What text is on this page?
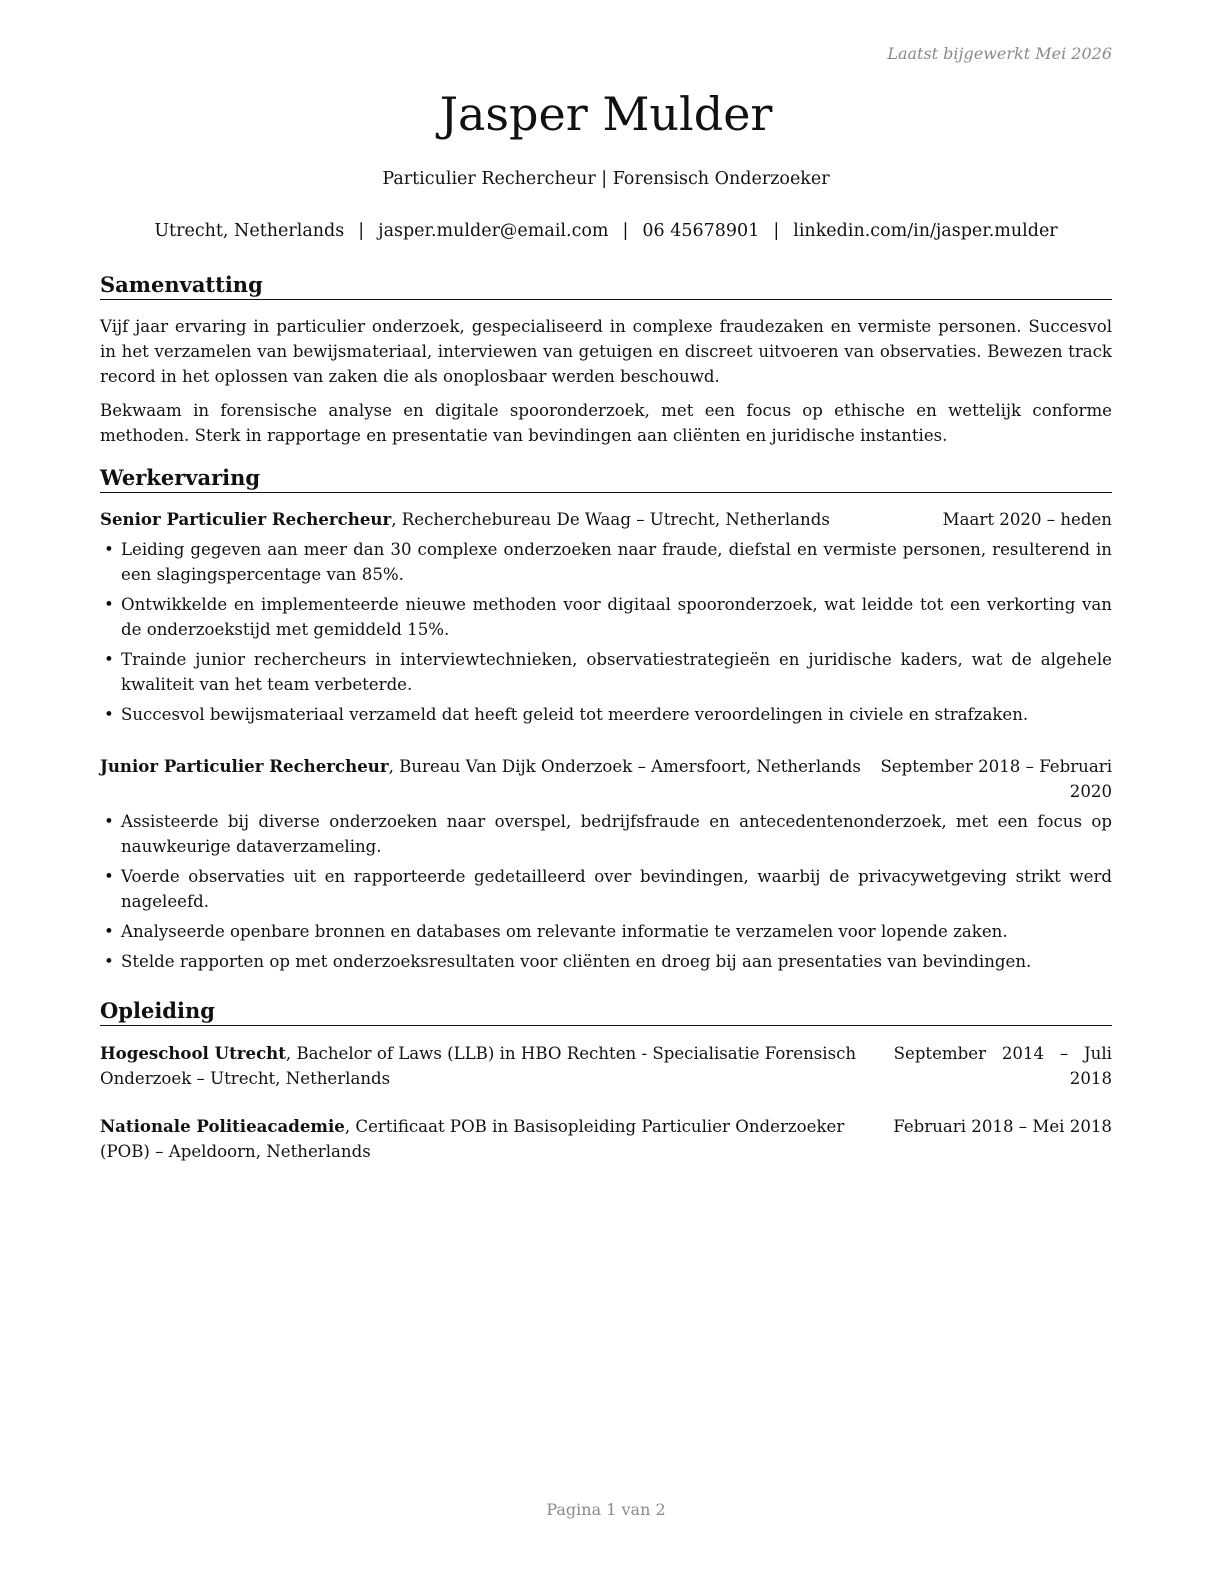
Laatst bijgewerkt Mei 2026
Jasper Mulder
Particulier Rechercheur | Forensisch Onderzoeker
Utrecht, Netherlands | jasper.mulder@email.com | 06 45678901 | linkedin.com/in/jasper.mulder
Samenvatting
Vijf jaar ervaring in particulier onderzoek, gespecialiseerd in complexe fraudezaken en vermiste personen. Succesvol in het verzamelen van bewijsmateriaal, interviewen van getuigen en discreet uitvoeren van observaties. Bewezen track record in het oplossen van zaken die als onoplosbaar werden beschouwd.
Bekwaam in forensische analyse en digitale spooronderzoek, met een focus op ethische en wettelijk conforme methoden. Sterk in rapportage en presentatie van bevindingen aan cliënten en juridische instanties.
Werkervaring
Senior Particulier Rechercheur, Recherchebureau De Waag – Utrecht, Netherlands	Maart 2020 – heden
• Leiding gegeven aan meer dan 30 complexe onderzoeken naar fraude, diefstal en vermiste personen, resulterend in een slagingspercentage van 85%.
• Ontwikkelde en implementeerde nieuwe methoden voor digitaal spooronderzoek, wat leidde tot een verkorting van de onderzoekstijd met gemiddeld 15%.
• Trainde junior rechercheurs in interviewtechnieken, observatiestrategieën en juridische kaders, wat de algehele kwaliteit van het team verbeterde.
• Succesvol bewijsmateriaal verzameld dat heeft geleid tot meerdere veroordelingen in civiele en strafzaken.
Junior Particulier Rechercheur, Bureau Van Dijk Onderzoek – Amersfoort, Netherlands September 2018 – Februari
2020
• Assisteerde bij diverse onderzoeken naar overspel, bedrijfsfraude en antecedentenonderzoek, met een focus op nauwkeurige dataverzameling.
• Voerde observaties uit en rapporteerde gedetailleerd over bevindingen, waarbij de privacywetgeving strikt werd nageleefd.
• Analyseerde openbare bronnen en databases om relevante informatie te verzamelen voor lopende zaken.
• Stelde rapporten op met onderzoeksresultaten voor cliënten en droeg bij aan presentaties van bevindingen.
Opleiding
Hogeschool Utrecht, Bachelor of Laws (LLB) in HBO Rechten - Specialisatie Forensisch
Onderzoek – Utrecht, Netherlands
September   2014   –   Juli
2018
Nationale Politieacademie, Certificaat POB in Basisopleiding Particulier Onderzoeker
(POB) – Apeldoorn, Netherlands
Februari 2018 – Mei 2018
Pagina 1 van 2
